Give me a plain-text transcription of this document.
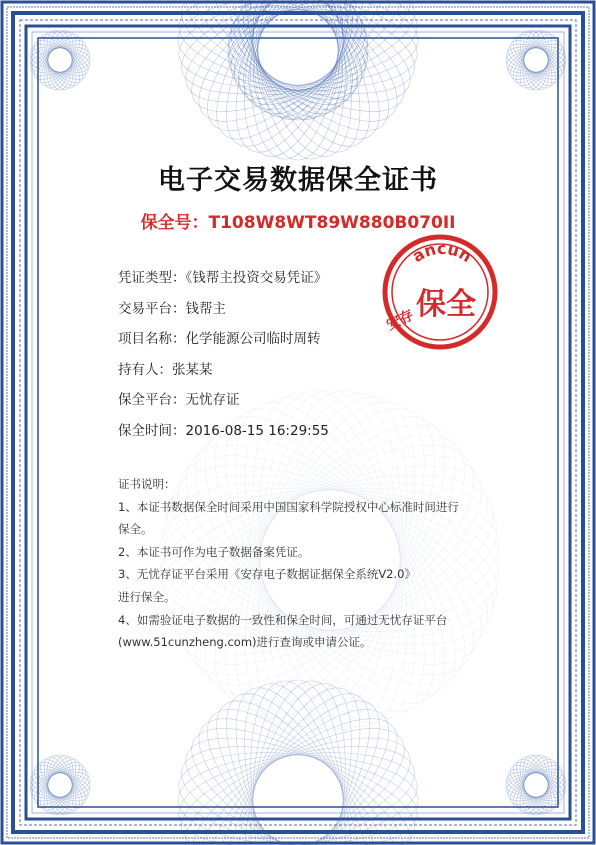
电子交易数据保全证书
保全号：T108W8WT89W880B070II
凭证类型：《钱帮主投资交易凭证》
交易平台：钱帮主
项目名称：化学能源公司临时周转
持有人：张某某
保全平台：无忧存证
保全时间：2016-08-15 16:29:55
证书说明：
1、本证书数据保全时间采用中国国家科学院授权中心标准时间进行
保全。
2、本证书可作为电子数据备案凭证。
3、无忧存证平台采用《安存电子数据证据保全系统V2.0》
进行保全。
4、如需验证电子数据的一致性和保全时间，可通过无忧存证平台
(www.51cunzheng.com)进行查询或申请公证。
ancun
保全
安存
